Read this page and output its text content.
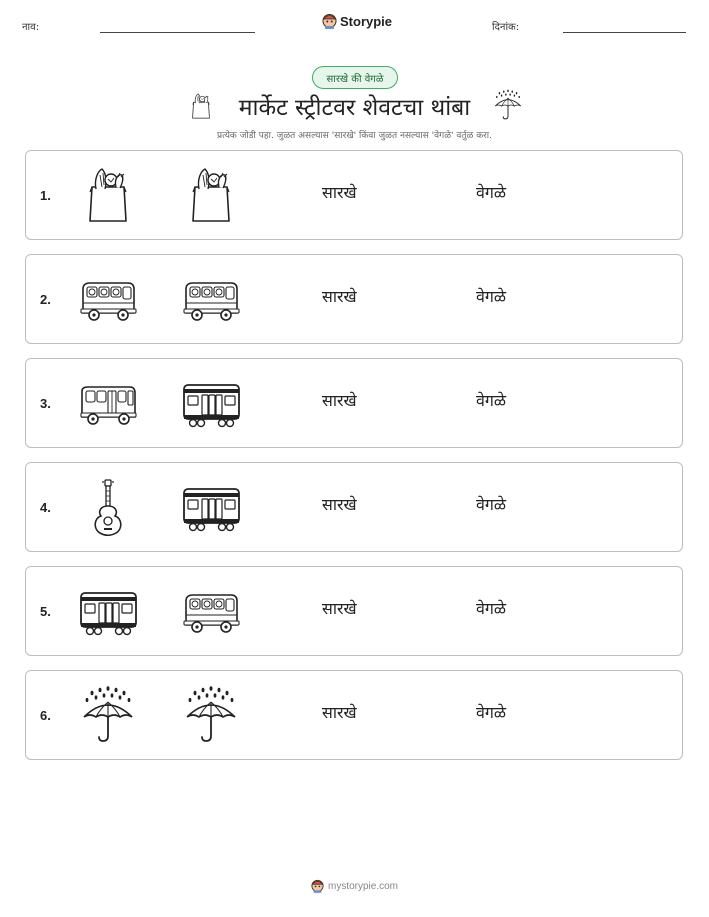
नाव:	Storypie	दिनांक:
सारखे की वेगळे
मार्केट स्ट्रीटवर शेवटचा थांबा
प्रत्येक जोडी पहा. जुळत असल्यास 'सारखे' किंवा जुळत नसल्यास 'वेगळे' वर्तुळ करा.
1.	सारखे	वेगळे
2.	सारखे	वेगळे
3.	सारखे	वेगळे
4.	सारखे	वेगळे
5.	सारखे	वेगळे
6.	सारखे	वेगळे
mystorypie.com
